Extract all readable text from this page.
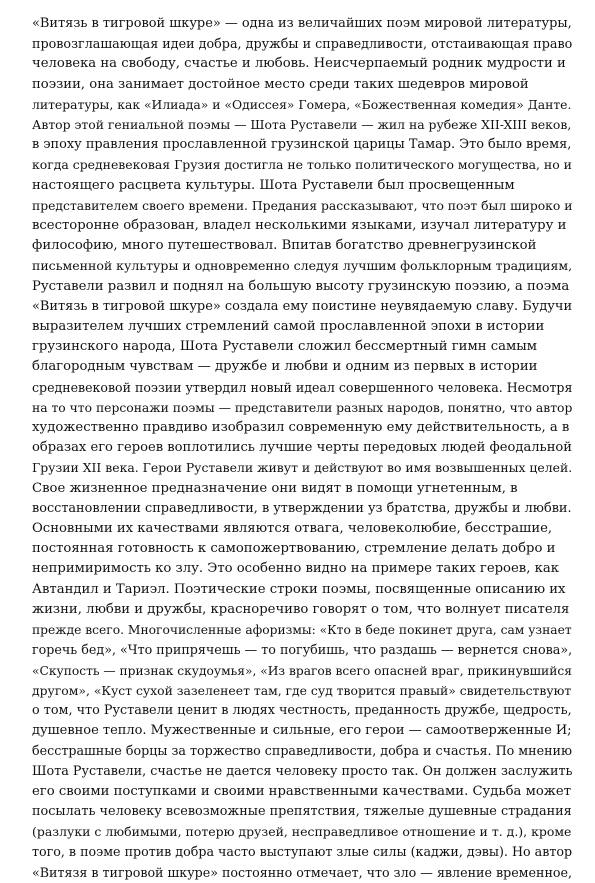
«Витязь в тигровой шкуре» — одна из величайших поэм мировой литературы,
провозглашающая идеи добра, дружбы и справедливости, отстаивающая право
человека на свободу, счастье и любовь. Неисчерпаемый родник мудрости и
поэзии, она занимает достойное место среди таких шедевров мировой
литературы, как «Илиада» и «Одиссея» Гомера, «Божественная комедия» Данте.
Автор этой гениальной поэмы — Шота Руставели — жил на рубеже XII-XIII веков,
в эпоху правления прославленной грузинской царицы Тамар. Это было время,
когда средневековая Грузия достигла не только политического могущества, но и
настоящего расцвета культуры. Шота Руставели был просвещенным
представителем своего времени. Предания рассказывают, что поэт был широко и
всесторонне образован, владел несколькими языками, изучал литературу и
философию, много путешествовал. Впитав богатство древнегрузинской
письменной культуры и одновременно следуя лучшим фольклорным традициям,
Руставели развил и поднял на большую высоту грузинскую поэзию, а поэма
«Витязь в тигровой шкуре» создала ему поистине неувядаемую славу. Будучи
выразителем лучших стремлений самой прославленной эпохи в истории
грузинского народа, Шота Руставели сложил бессмертный гимн самым
благородным чувствам — дружбе и любви и одним из первых в истории
средневековой поэзии утвердил новый идеал совершенного человека. Несмотря
на то что персонажи поэмы — представители разных народов, понятно, что автор
художественно правдиво изобразил современную ему действительность, а в
образах его героев воплотились лучшие черты передовых людей феодальной
Грузии XII века. Герои Руставели живут и действуют во имя возвышенных целей.
Свое жизненное предназначение они видят в помощи угнетенным, в
восстановлении справедливости, в утверждении уз братства, дружбы и любви.
Основными их качествами являются отвага, человеколюбие, бесстрашие,
постоянная готовность к самопожертвованию, стремление делать добро и
непримиримость ко злу. Это особенно видно на примере таких героев, как
Автандил и Тариэл. Поэтические строки поэмы, посвященные описанию их
жизни, любви и дружбы, красноречиво говорят о том, что волнует писателя
прежде всего. Многочисленные афоризмы: «Кто в беде покинет друга, сам узнает
горечь бед», «Что припрячешь — то погубишь, что раздашь — вернется снова»,
«Скупость — признак скудоумья», «Из врагов всего опасней враг, прикинувшийся
другом», «Куст сухой зазеленеет там, где суд творится правый» свидетельствуют
о том, что Руставели ценит в людях честность, преданность дружбе, щедрость,
душевное тепло. Мужественные и сильные, его герои — самоотверженные И;
бесстрашные борцы за торжество справедливости, добра и счастья. По мнению
Шота Руставели, счастье не дается человеку просто так. Он должен заслужить
его своими поступками и своими нравственными качествами. Судьба может
посылать человеку всевозможные препятствия, тяжелые душевные страдания
(разлуки с любимыми, потерю друзей, несправедливое отношение и т. д.), кроме
того, в поэме против добра часто выступают злые силы (каджи, дэвы). Но автор
«Витязя в тигровой шкуре» постоянно отмечает, что зло — явление временное,
